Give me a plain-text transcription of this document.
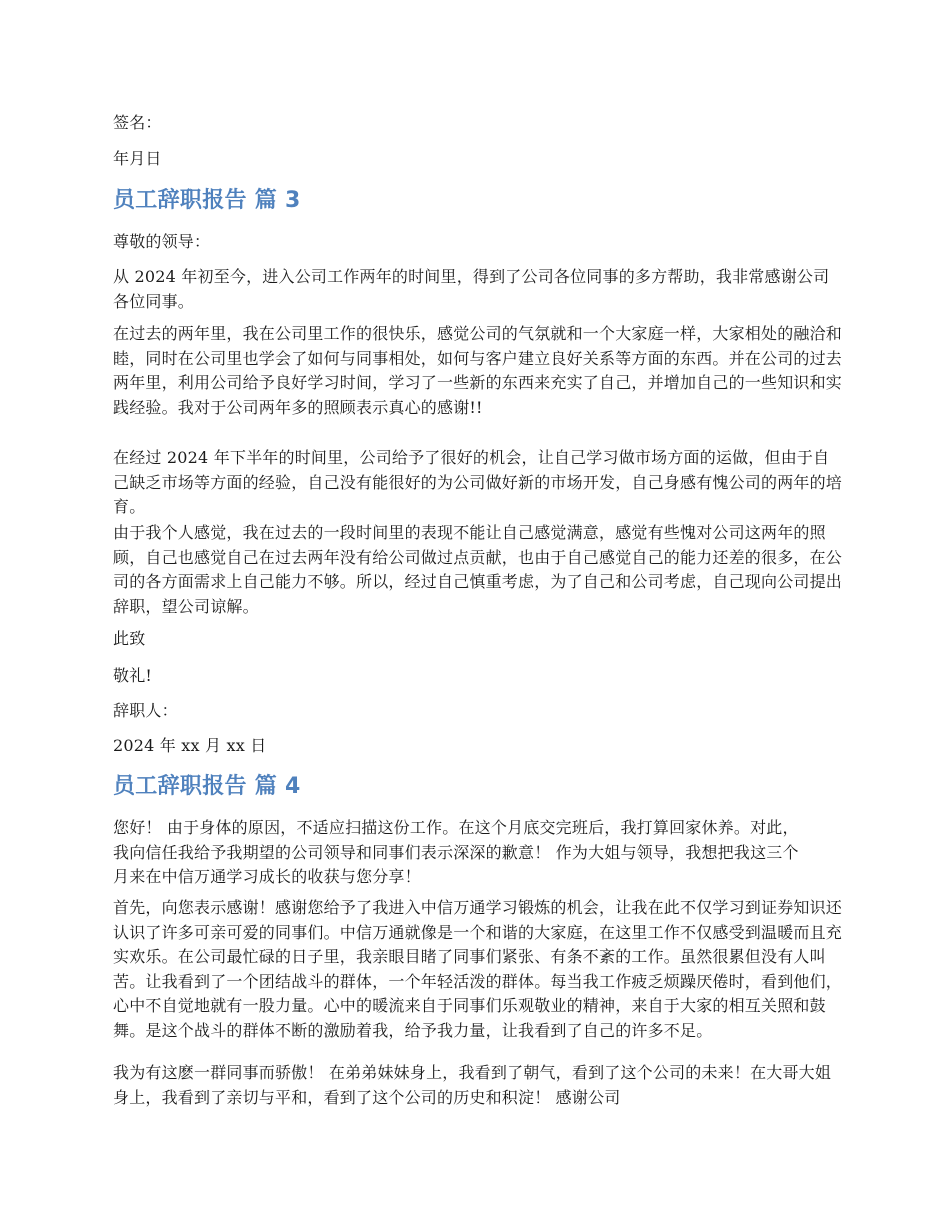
签名：

年月日

员工辞职报告 篇 3

尊敬的领导：

从 2024 年初至今，进入公司工作两年的时间里，得到了公司各位同事的多方帮助，我非常感谢公司各位同事。

在过去的两年里，我在公司里工作的很快乐，感觉公司的气氛就和一个大家庭一样，大家相处的融洽和睦，同时在公司里也学会了如何与同事相处，如何与客户建立良好关系等方面的东西。并在公司的过去两年里，利用公司给予良好学习时间，学习了一些新的东西来充实了自己，并增加自己的一些知识和实践经验。我对于公司两年多的照顾表示真心的感谢!!

在经过 2024 年下半年的时间里，公司给予了很好的机会，让自己学习做市场方面的运做，但由于自己缺乏市场等方面的经验，自己没有能很好的为公司做好新的市场开发，自己身感有愧公司的两年的培育。

由于我个人感觉，我在过去的一段时间里的表现不能让自己感觉满意，感觉有些愧对公司这两年的照顾，自己也感觉自己在过去两年没有给公司做过点贡献，也由于自己感觉自己的能力还差的很多，在公司的各方面需求上自己能力不够。所以，经过自己慎重考虑，为了自己和公司考虑，自己现向公司提出辞职，望公司谅解。

此致

敬礼!

辞职人：

2024 年 xx 月 xx 日

员工辞职报告 篇 4

您好！ 由于身体的原因，不适应扫描这份工作。在这个月底交完班后，我打算回家休养。对此，我向信任我给予我期望的公司领导和同事们表示深深的歉意！ 作为大姐与领导，我想把我这三个月来在中信万通学习成长的收获与您分享！

首先，向您表示感谢！感谢您给予了我进入中信万通学习锻炼的机会，让我在此不仅学习到证券知识还认识了许多可亲可爱的同事们。中信万通就像是一个和谐的大家庭，在这里工作不仅感受到温暖而且充实欢乐。在公司最忙碌的日子里，我亲眼目睹了同事们紧张、有条不紊的工作。虽然很累但没有人叫苦。让我看到了一个团结战斗的群体，一个年轻活泼的群体。每当我工作疲乏烦躁厌倦时，看到他们，心中不自觉地就有一股力量。心中的暖流来自于同事们乐观敬业的精神，来自于大家的相互关照和鼓舞。是这个战斗的群体不断的激励着我，给予我力量，让我看到了自己的许多不足。

我为有这麽一群同事而骄傲！ 在弟弟妹妹身上，我看到了朝气，看到了这个公司的未来！在大哥大姐身上，我看到了亲切与平和，看到了这个公司的历史和积淀！ 感谢公司
